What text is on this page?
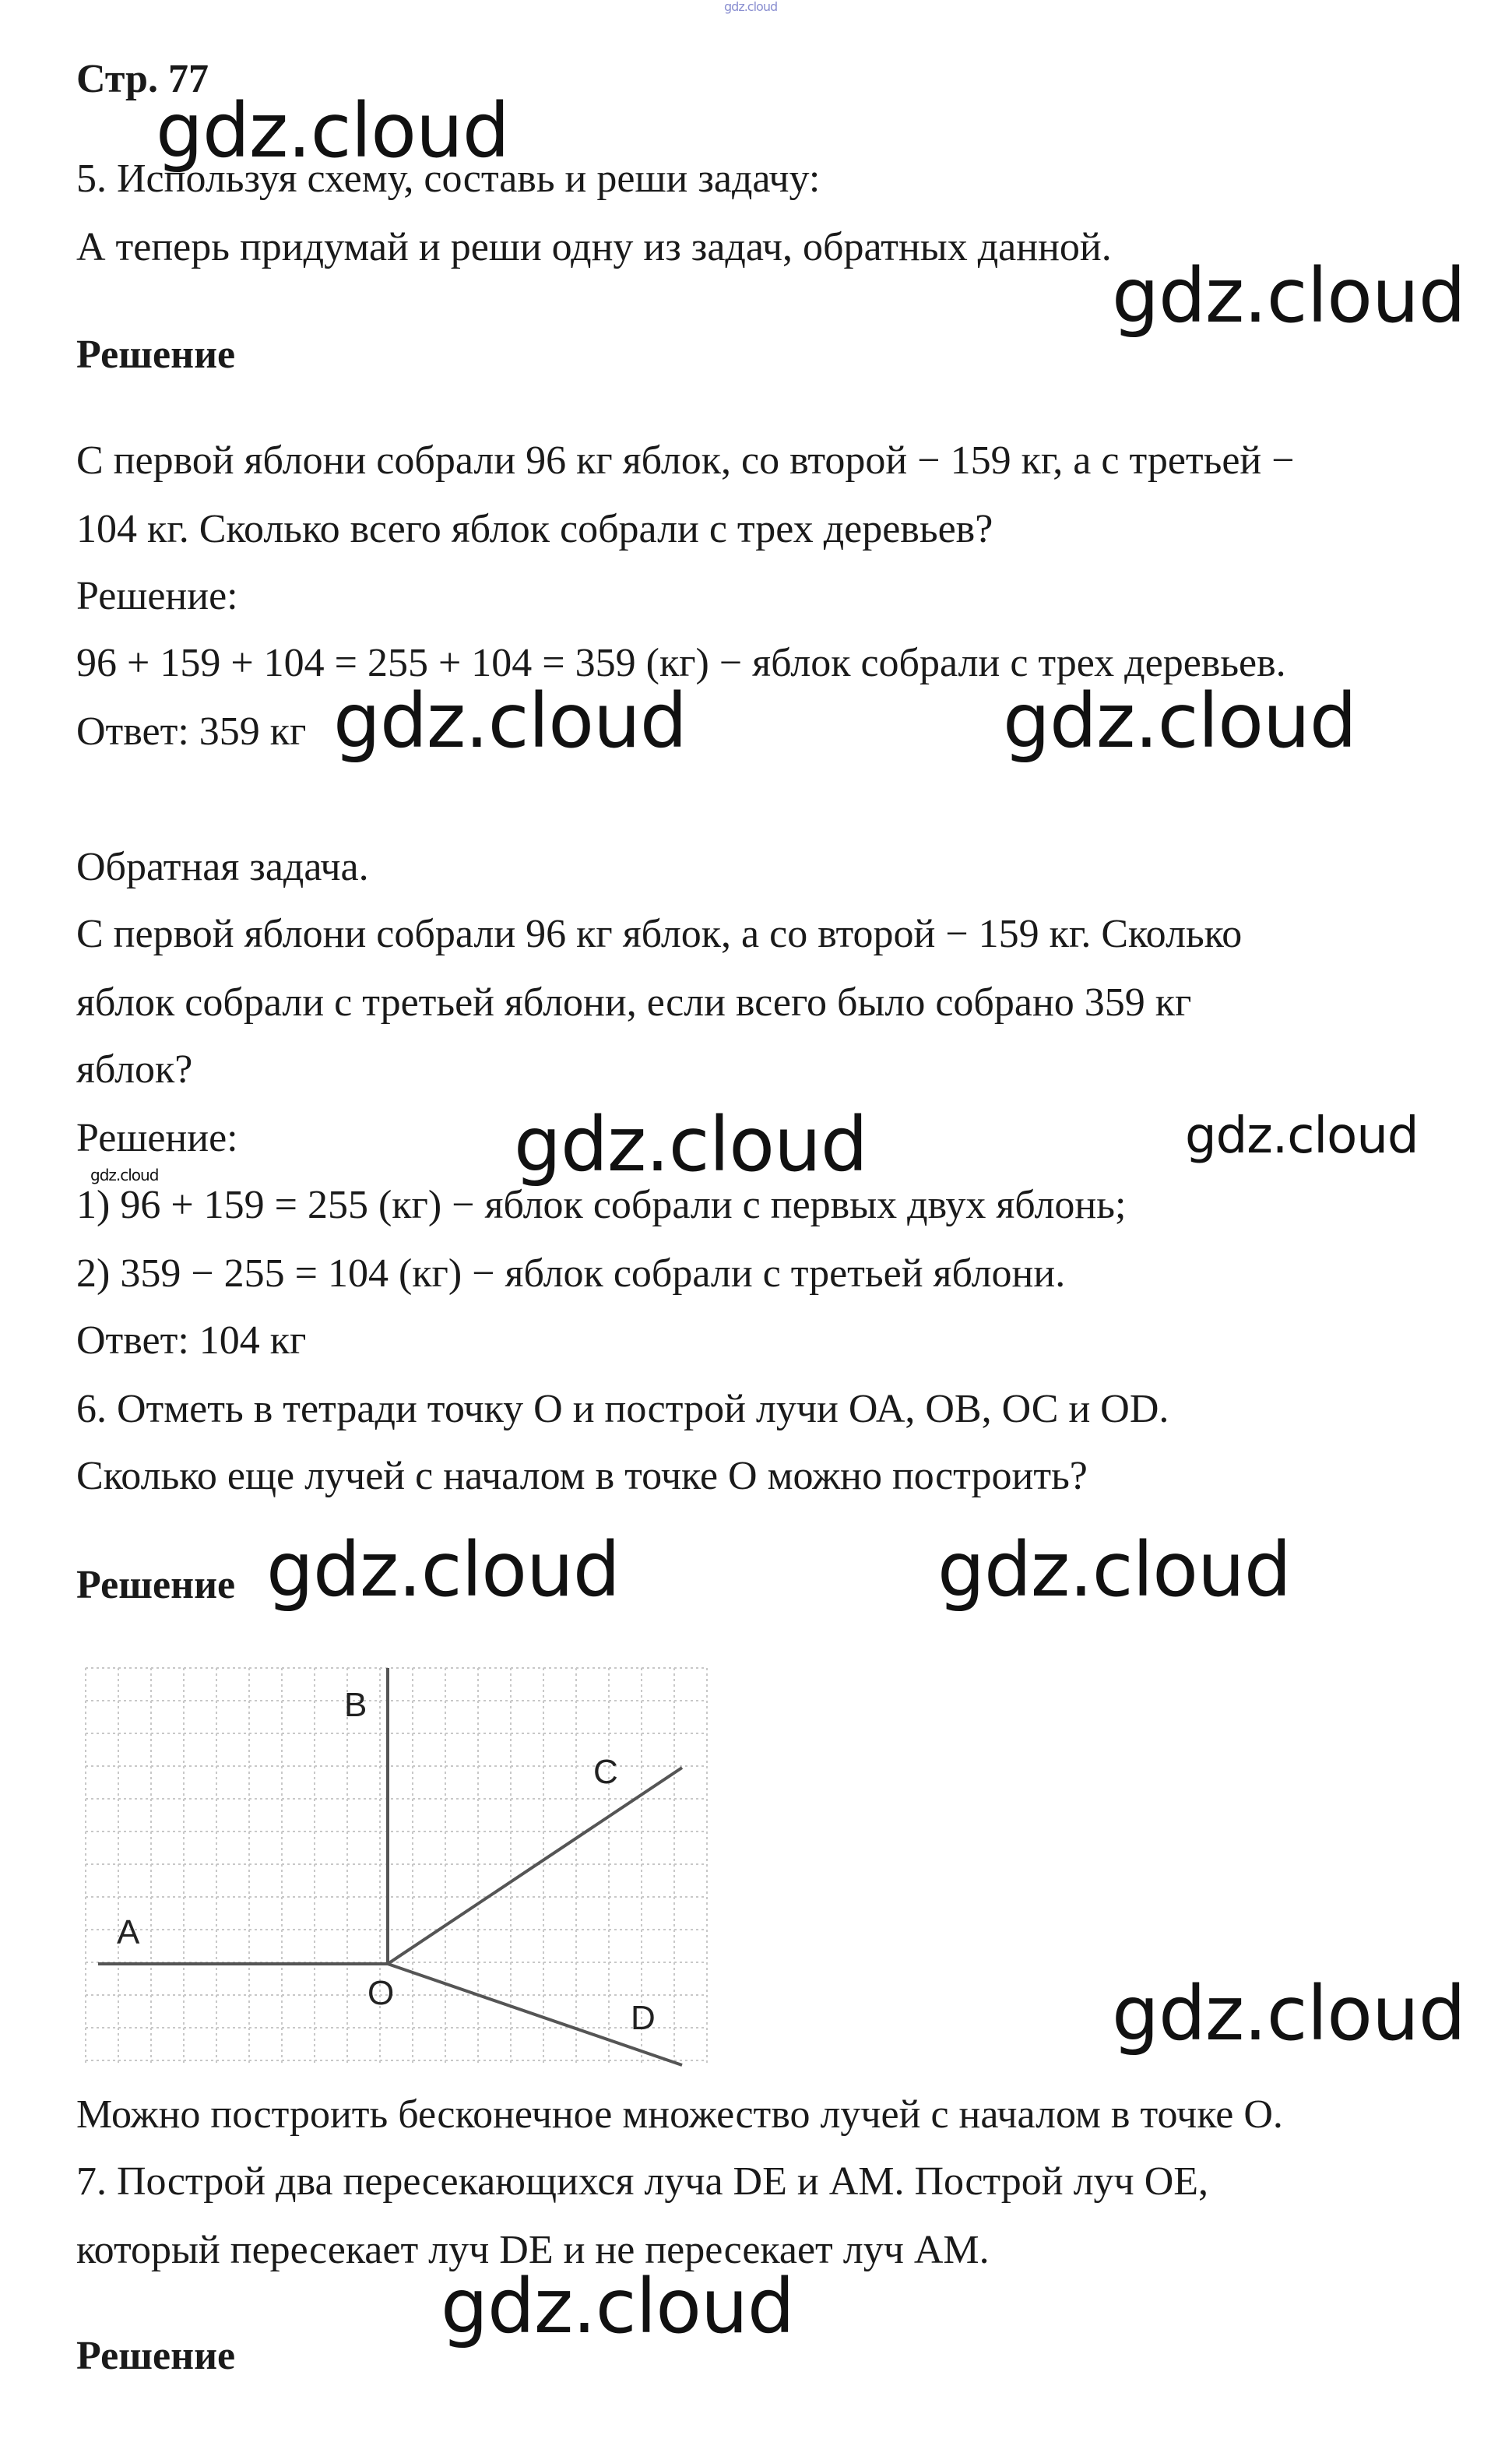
gdz.cloud
Стр. 77
gdz.cloud
5. Используя схему, составь и реши задачу:
А теперь придумай и реши одну из задач, обратных данной.
gdz.cloud
Решение
С первой яблони собрали 96 кг яблок, со второй − 159 кг, а с третьей −
104 кг. Сколько всего яблок собрали с трех деревьев?
Решение:
96 + 159 + 104 = 255 + 104 = 359 (кг) − яблок собрали с трех деревьев.
Ответ: 359 кг gdz.cloud	gdz.cloud
Обратная задача.
С первой яблони собрали 96 кг яблок, а со второй − 159 кг. Сколько
яблок собрали с третьей яблони, если всего было собрано 359 кг
яблок?
Решение:	gdz.cloud	gdz.cloud
gdz.cloud
1) 96 + 159 = 255 (кг) − яблок собрали с первых двух яблонь;
2) 359 − 255 = 104 (кг) − яблок собрали с третьей яблони.
Ответ: 104 кг
6. Отметь в тетради точку О и построй лучи ОА, ОВ, ОС и OD.
Сколько еще лучей с началом в точке О можно построить?
Решение gdz.cloud	gdz.cloud
A
B
C
D
O	gdz.cloud
Можно построить бесконечное множество лучей с началом в точке О.
7. Построй два пересекающихся луча DE и AM. Построй луч ОЕ,
который пересекает луч DE и не пересекает луч AM.
gdz.cloud
Решение
